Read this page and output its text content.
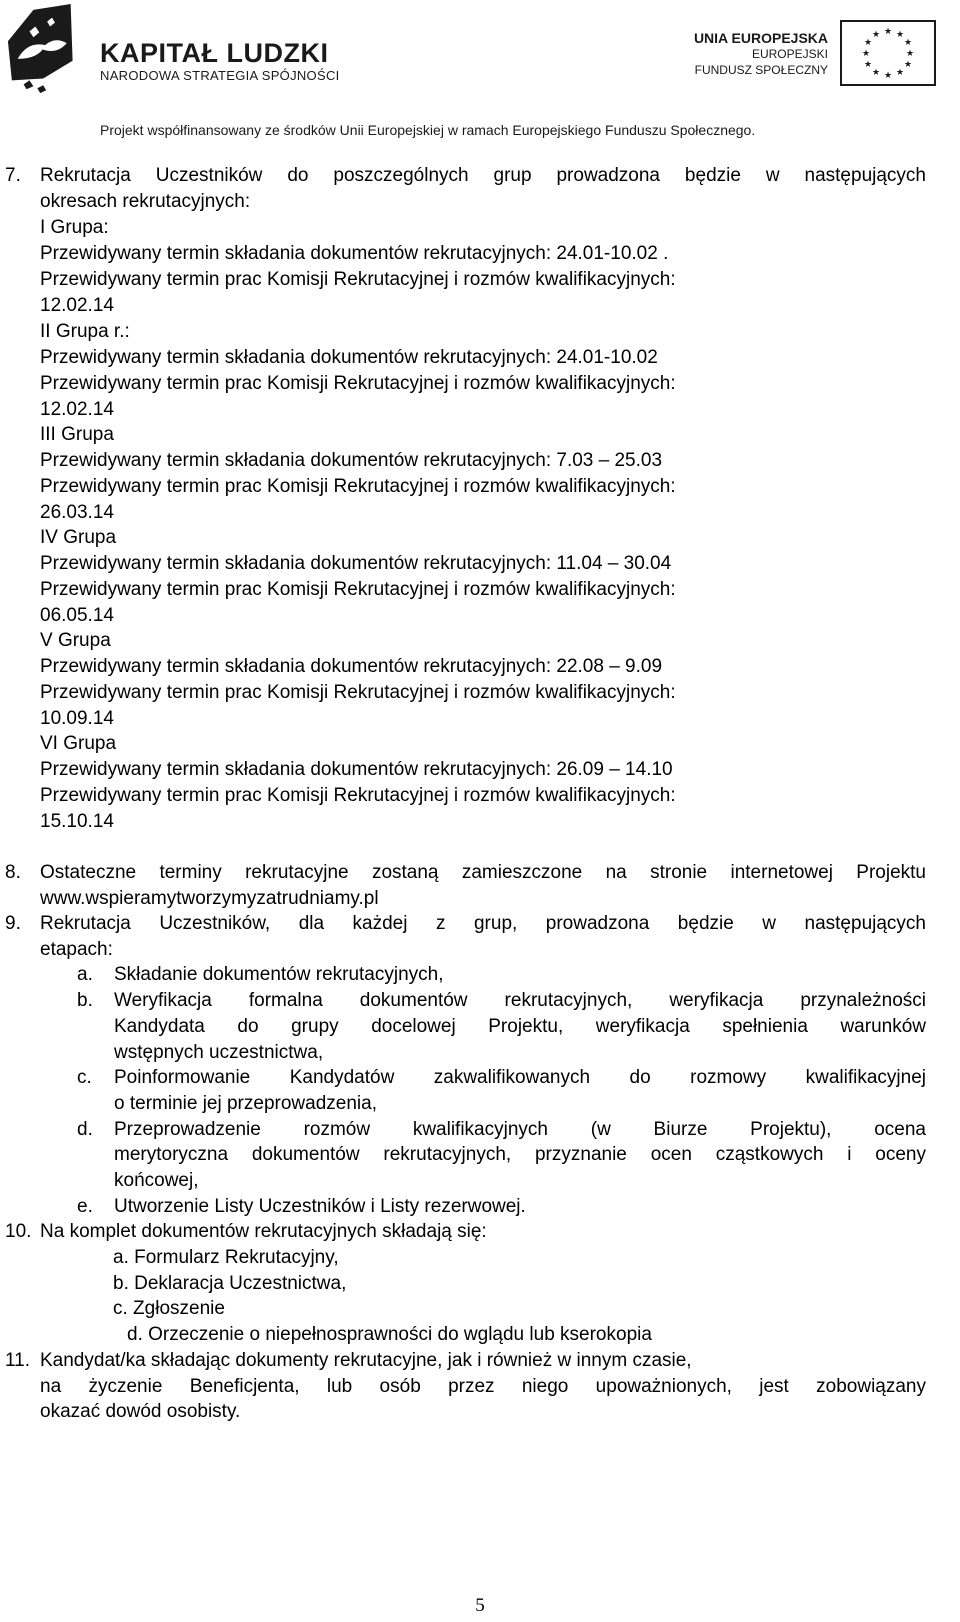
KAPITAŁ LUDZKI
NARODOWA STRATEGIA SPÓJNOŚCI
UNIA EUROPEJSKA
EUROPEJSKI
FUNDUSZ SPOŁECZNY
★ ★
★
★
★
★
★
★
★
★
★
★
Projekt współfinansowany ze środków Unii Europejskiej w ramach Europejskiego Funduszu Społecznego.
7. Rekrutacja Uczestników do poszczególnych grup prowadzona będzie w następujących
okresach rekrutacyjnych:
I Grupa:
Przewidywany termin składania dokumentów rekrutacyjnych: 24.01-10.02 .
Przewidywany termin prac Komisji Rekrutacyjnej i rozmów kwalifikacyjnych:
12.02.14
II Grupa r.:
Przewidywany termin składania dokumentów rekrutacyjnych: 24.01-10.02
Przewidywany termin prac Komisji Rekrutacyjnej i rozmów kwalifikacyjnych:
12.02.14
III Grupa
Przewidywany termin składania dokumentów rekrutacyjnych: 7.03 – 25.03
Przewidywany termin prac Komisji Rekrutacyjnej i rozmów kwalifikacyjnych:
26.03.14
IV Grupa
Przewidywany termin składania dokumentów rekrutacyjnych: 11.04 – 30.04
Przewidywany termin prac Komisji Rekrutacyjnej i rozmów kwalifikacyjnych:
06.05.14
V Grupa
Przewidywany termin składania dokumentów rekrutacyjnych: 22.08 – 9.09
Przewidywany termin prac Komisji Rekrutacyjnej i rozmów kwalifikacyjnych:
10.09.14
VI Grupa
Przewidywany termin składania dokumentów rekrutacyjnych: 26.09 – 14.10
Przewidywany termin prac Komisji Rekrutacyjnej i rozmów kwalifikacyjnych:
15.10.14
8. Ostateczne terminy rekrutacyjne zostaną zamieszczone na stronie internetowej Projektu
www.wspieramytworzymyzatrudniamy.pl
9. Rekrutacja Uczestników, dla każdej z grup, prowadzona będzie w następujących
etapach:
a. Składanie dokumentów rekrutacyjnych,
b. Weryfikacja formalna dokumentów rekrutacyjnych, weryfikacja przynależności
Kandydata do grupy docelowej Projektu, weryfikacja spełnienia warunków
wstępnych uczestnictwa,
c. Poinformowanie Kandydatów zakwalifikowanych do rozmowy kwalifikacyjnej
o terminie jej przeprowadzenia,
d. Przeprowadzenie rozmów kwalifikacyjnych (w Biurze Projektu), ocena
merytoryczna dokumentów rekrutacyjnych, przyznanie ocen cząstkowych i oceny
końcowej,
e. Utworzenie Listy Uczestników i Listy rezerwowej.
10. Na komplet dokumentów rekrutacyjnych składają się:
a. Formularz Rekrutacyjny,
b. Deklaracja Uczestnictwa,
c. Zgłoszenie
d. Orzeczenie o niepełnosprawności do wglądu lub kserokopia
11. Kandydat/ka składając dokumenty rekrutacyjne, jak i również w innym czasie,
na życzenie Beneficjenta, lub osób przez niego upoważnionych, jest zobowiązany
okazać dowód osobisty.
5
